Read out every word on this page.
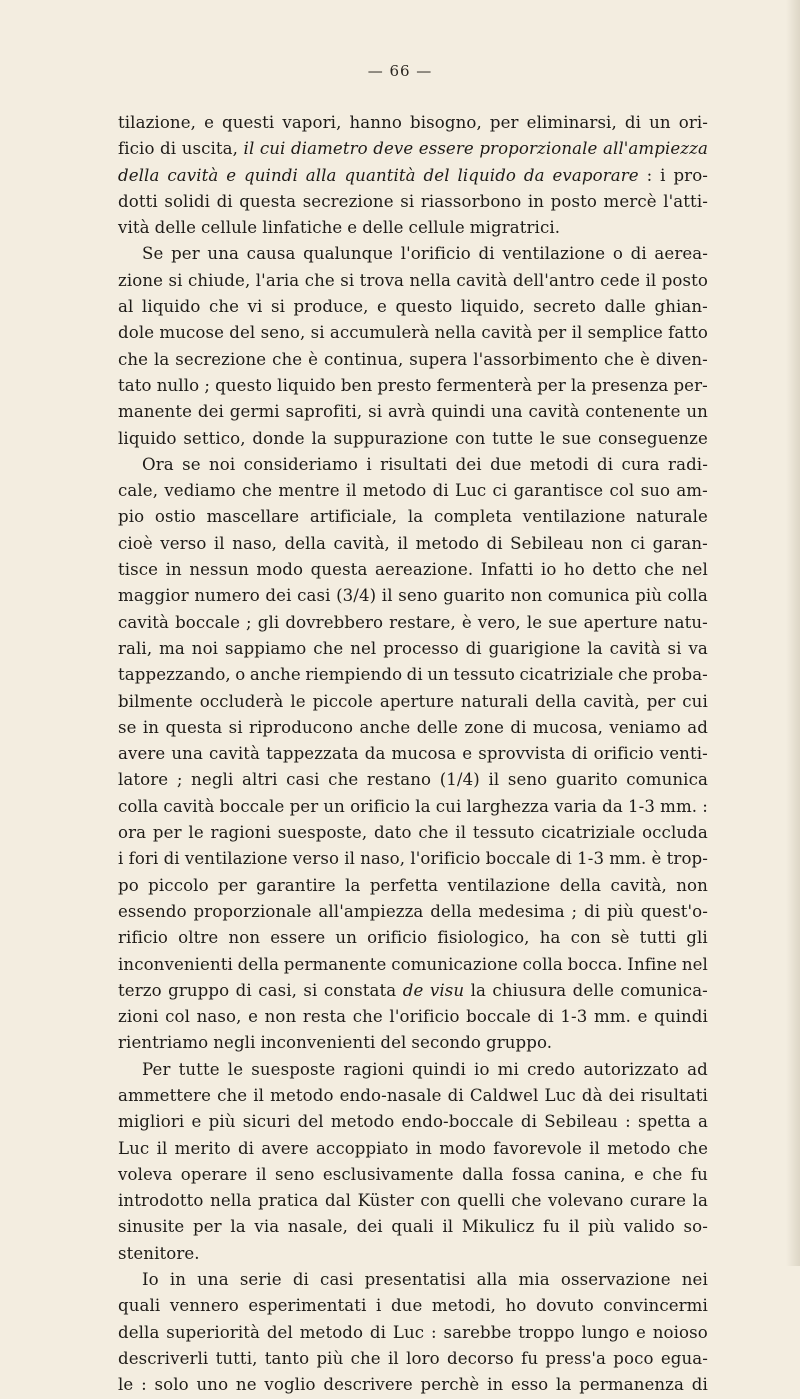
— 66 —
tilazione, e questi vapori, hanno bisogno, per eliminarsi, di un ori-
ficio di uscita, il cui diametro deve essere proporzionale all'ampiezza
della cavità e quindi alla quantità del liquido da evaporare : i pro-
dotti solidi di questa secrezione si riassorbono in posto mercè l'atti-
vità delle cellule linfatiche e delle cellule migratrici.
Se per una causa qualunque l'orificio di ventilazione o di aerea-
zione si chiude, l'aria che si trova nella cavità dell'antro cede il posto
al liquido che vi si produce, e questo liquido, secreto dalle ghian-
dole mucose del seno, si accumulerà nella cavità per il semplice fatto
che la secrezione che è continua, supera l'assorbimento che è diven-
tato nullo ; questo liquido ben presto fermenterà per la presenza per-
manente dei germi saprofiti, si avrà quindi una cavità contenente un
liquido settico, donde la suppurazione con tutte le sue conseguenze
Ora se noi consideriamo i risultati dei due metodi di cura radi-
cale, vediamo che mentre il metodo di Luc ci garantisce col suo am-
pio ostio mascellare artificiale, la completa ventilazione naturale
cioè verso il naso, della cavità, il metodo di Sebileau non ci garan-
tisce in nessun modo questa aereazione. Infatti io ho detto che nel
maggior numero dei casi (3/4) il seno guarito non comunica più colla
cavità boccale ; gli dovrebbero restare, è vero, le sue aperture natu-
rali, ma noi sappiamo che nel processo di guarigione la cavità si va
tappezzando, o anche riempiendo di un tessuto cicatriziale che proba-
bilmente occluderà le piccole aperture naturali della cavità, per cui
se in questa si riproducono anche delle zone di mucosa, veniamo ad
avere una cavità tappezzata da mucosa e sprovvista di orificio venti-
latore ; negli altri casi che restano (1/4) il seno guarito comunica
colla cavità boccale per un orificio la cui larghezza varia da 1-3 mm. :
ora per le ragioni suesposte, dato che il tessuto cicatriziale occluda
i fori di ventilazione verso il naso, l'orificio boccale di 1-3 mm. è trop-
po piccolo per garantire la perfetta ventilazione della cavità, non
essendo proporzionale all'ampiezza della medesima ; di più quest'o-
rificio oltre non essere un orificio fisiologico, ha con sè tutti gli
inconvenienti della permanente comunicazione colla bocca. Infine nel
terzo gruppo di casi, si constata de visu la chiusura delle comunica-
zioni col naso, e non resta che l'orificio boccale di 1-3 mm. e quindi
rientriamo negli inconvenienti del secondo gruppo.
Per tutte le suesposte ragioni quindi io mi credo autorizzato ad
ammettere che il metodo endo-nasale di Caldwel Luc dà dei risultati
migliori e più sicuri del metodo endo-boccale di Sebileau : spetta a
Luc il merito di avere accoppiato in modo favorevole il metodo che
voleva operare il seno esclusivamente dalla fossa canina, e che fu
introdotto nella pratica dal Küster con quelli che volevano curare la
sinusite per la via nasale, dei quali il Mikulicz fu il più valido so-
stenitore.
Io in una serie di casi presentatisi alla mia osservazione nei
quali vennero esperimentati i due metodi, ho dovuto convincermi
della superiorità del metodo di Luc : sarebbe troppo lungo e noioso
descriverli tutti, tanto più che il loro decorso fu press'a poco egua-
le : solo uno ne voglio descrivere perchè in esso la permanenza di
